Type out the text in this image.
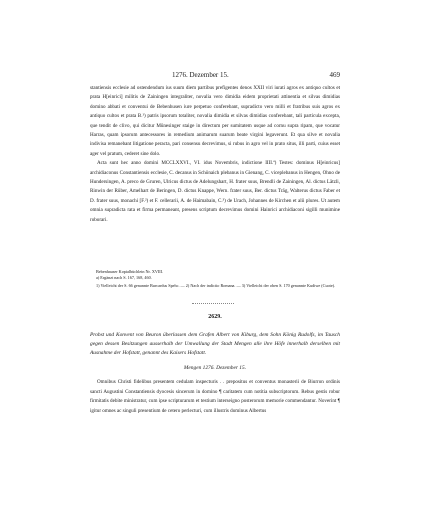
1276. Dezember 15.	469

stantiensis ecclesie ad ostendendum ius suum diem partibus prefigentes denos XXII viri iurati agros ex antiquo cultos et prata H[einrici] militis de Zainingen integraliter, novalia vero dimidia eidem proprietati attinentia et silvas dimidias domino abbati et conventui de Bebenhusen iure perpetuo conferebant, supradicto vero milli et fratribus suis agros ex antiquo cultos et prata B.¹) patris ipsorum totaliter, novalia dimidia et silvas dimidias conferebant, tali particula excepta, que tendit de clivo, qui dicitur Mûnesinger staige in directum per sumitatem usque ad cornu supra ripam, que vocatur Harras, quam ipsorum antecessores in remedium animarum suarum beate virgini legaverunt. Et qua silve et novalia indivisa remanebant litigatione peracta, pari consensu decrevimus, si rubus in agro vel in prato situs, illi parti, cuius esset ager vel pratum, cederet sine dolo.

Acta sunt hec anno domini MCCLXXVI., VI. idus Novembris, indictione IIII.ª) Testes: dominus H[einricus] archidiaconus Constantiensis ecclesie, C. decanus in Schönaich plebanus in Gienang, C. viceplebanus in Hengen, Ohno de Hundersingen, A. preco de Gruren, Ulricus dictus de Adelungshart, H. frater suus, Brendli de Zainingen, Al. dictus Lätzli, Rinwin der Rûber, Amelhart de Beringen, D. dictus Knappe, Wern. frater suus, Ber. dictus Träg, Walterus dictus Faber et D. frater suus, monachi [F.²) et F. cellerarii, A. de Haimabain, C.³) de Urach, Johannes de Kirchen et alii plures. Ut autem omnia supradicta rata et firma permaneant, presens scriptum decrevimus domini Hainrici archidiaconi sigilli munimine roborari.

Bebenhauser Kopialbüchlein Nr. XVIII.

a) Ergänzt nach S. 167, 168, 460.

1) Vielleicht der S. 66 genannte Burcardus Spehc. — 2) Nach der indictio Romana. — 3) Vielleicht der oben S. 170 genannte Kudiwe (Cuote).

2629.

Probst und Konvent von Beuron überlassen dem Grafen Albert von Kiburg, dem Sohn König Rudolfs, im Tausch gegen dessen Besitzungen ausserhalb der Umwallung der Stadt Mengen alle ihre Höfe innerhalb derselben mit Ausnahme der Hofstatt, genannt des Kaisers Hofstatt.

Mengen 1276. Dezember 15.

Omnibus Christi fidelibus presentem cedulam inspecturis . . prepositus et conventus monasterii de Biurron ordinis sancti Augustini Constantiensis dyocesis sincerum in domino ¶ caritatem cum notitia subscriptorum. Rebus gestis robur firmitatis debite ministratur, cum ipse scripturarum et testium interseigno posterorum memorie commendantur. Noverint ¶ igitur omnes ac singuli presentium de cetero perlecturi, cum illustris dominus Albertus
